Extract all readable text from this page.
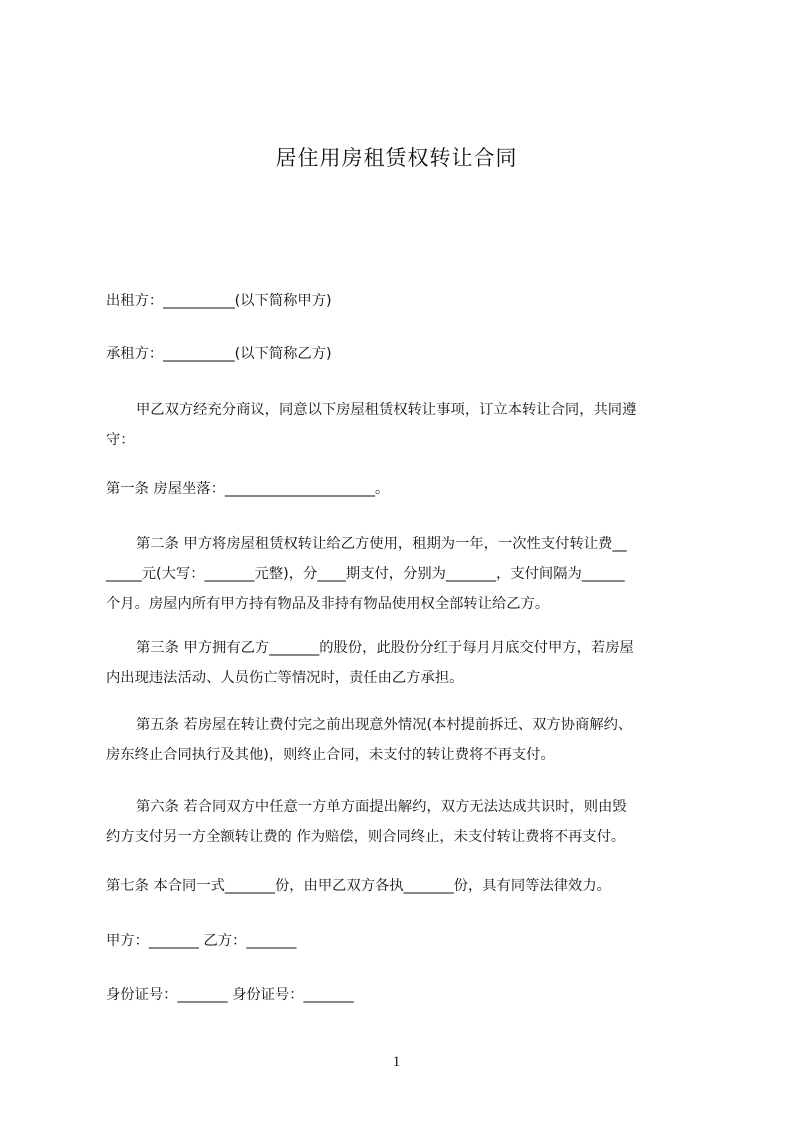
居住用房租赁权转让合同
出租方：__________(以下简称甲方)
承租方：__________(以下简称乙方)
甲乙双方经充分商议，同意以下房屋租赁权转让事项，订立本转让合同，共同遵
守：
第一条 房屋坐落：_____________________。
第二条 甲方将房屋租赁权转让给乙方使用，租期为一年，一次性支付转让费__
_____元(大写：_______元整)，分____期支付，分别为_______，支付间隔为______
个月。房屋内所有甲方持有物品及非持有物品使用权全部转让给乙方。
第三条 甲方拥有乙方_______的股份，此股份分红于每月月底交付甲方，若房屋
内出现违法活动、人员伤亡等情况时，责任由乙方承担。
第五条 若房屋在转让费付完之前出现意外情况(本村提前拆迁、双方协商解约、
房东终止合同执行及其他)，则终止合同，未支付的转让费将不再支付。
第六条 若合同双方中任意一方单方面提出解约，双方无法达成共识时，则由毁
约方支付另一方全额转让费的 作为赔偿，则合同终止，未支付转让费将不再支付。
第七条 本合同一式_______份，由甲乙双方各执_______份，具有同等法律效力。
甲方：_______ 乙方：_______
身份证号：_______ 身份证号：_______
1
